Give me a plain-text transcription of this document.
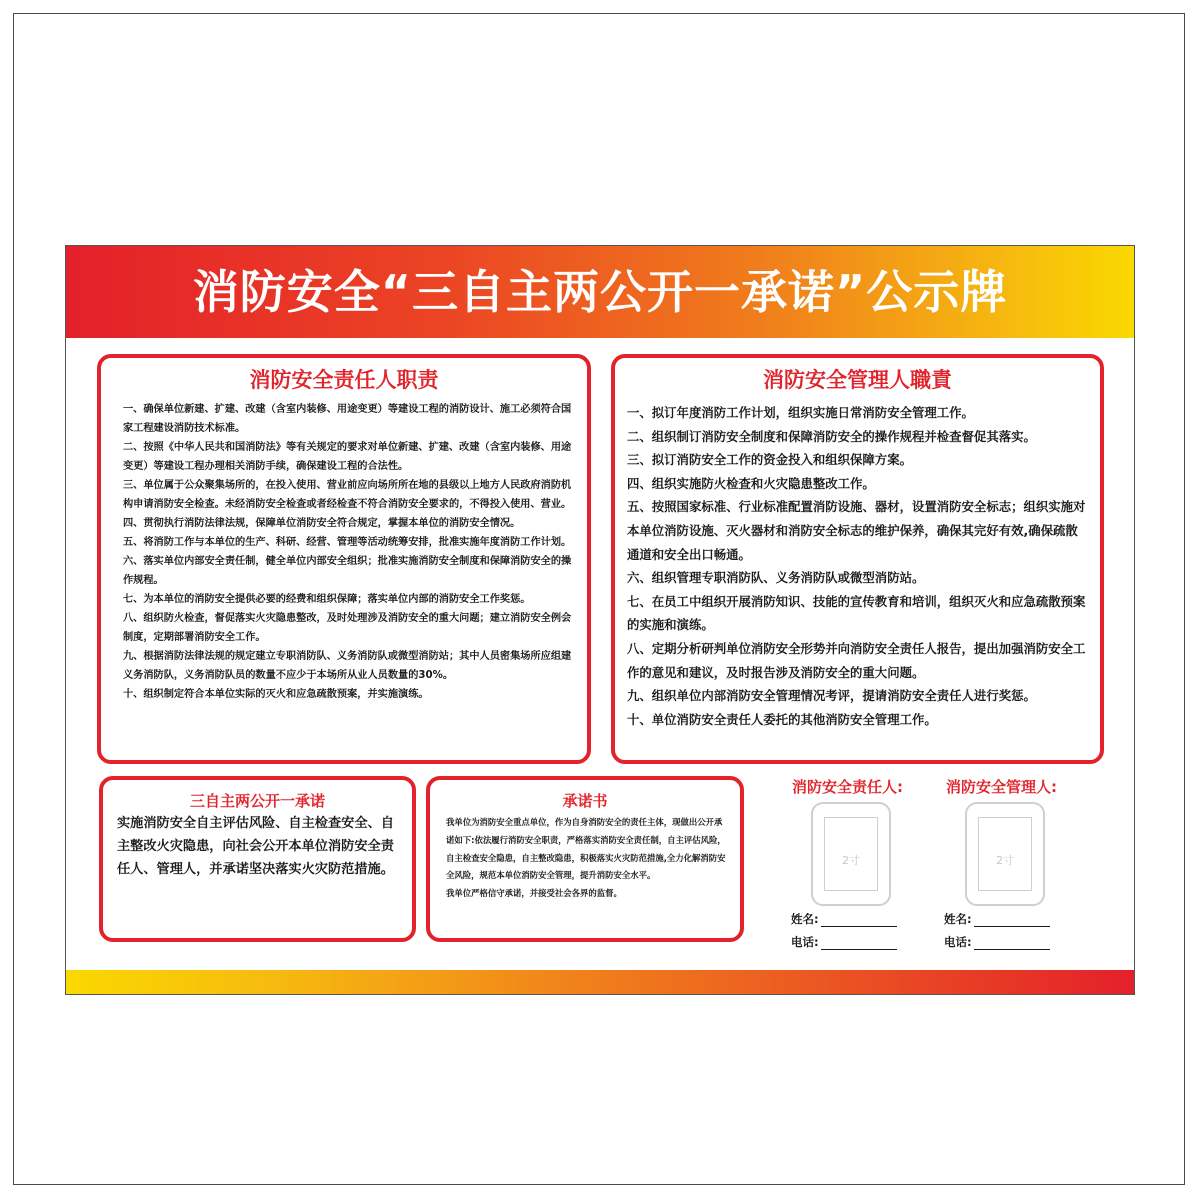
消防安全“三自主两公开一承诺”公示牌
消防安全责任人职责
一、确保单位新建、扩建、改建（含室内装修、用途变更）等建设工程的消防设计、施工必须符合国家工程建设消防技术标准。
二、按照《中华人民共和国消防法》等有关规定的要求对单位新建、扩建、改建（含室内装修、用途变更）等建设工程办理相关消防手续，确保建设工程的合法性。
三、单位属于公众聚集场所的，在投入使用、营业前应向场所所在地的县级以上地方人民政府消防机构申请消防安全检查。未经消防安全检查或者经检查不符合消防安全要求的，不得投入使用、营业。
四、贯彻执行消防法律法规，保障单位消防安全符合规定，掌握本单位的消防安全情况。
五、将消防工作与本单位的生产、科研、经营、管理等活动统筹安排，批准实施年度消防工作计划。
六、落实单位内部安全责任制，健全单位内部安全组织；批准实施消防安全制度和保障消防安全的操作规程。
七、为本单位的消防安全提供必要的经费和组织保障；落实单位内部的消防安全工作奖惩。
八、组织防火检查，督促落实火灾隐患整改，及时处理涉及消防安全的重大问题；建立消防安全例会制度，定期部署消防安全工作。
九、根据消防法律法规的规定建立专职消防队、义务消防队或微型消防站；其中人员密集场所应组建义务消防队，义务消防队员的数量不应少于本场所从业人员数量的30%。
十、组织制定符合本单位实际的灭火和应急疏散预案，并实施演练。
消防安全管理人職責
一、拟订年度消防工作计划，组织实施日常消防安全管理工作。
二、组织制订消防安全制度和保障消防安全的操作规程并检查督促其落实。
三、拟订消防安全工作的资金投入和组织保障方案。
四、组织实施防火检查和火灾隐患整改工作。
五、按照国家标准、行业标准配置消防设施、器材，设置消防安全标志；组织实施对本单位消防设施、灭火器材和消防安全标志的维护保养，确保其完好有效,确保疏散通道和安全出口畅通。
六、组织管理专职消防队、义务消防队或微型消防站。
七、在员工中组织开展消防知识、技能的宣传教育和培训，组织灭火和应急疏散预案的实施和演练。
八、定期分析研判单位消防安全形势并向消防安全责任人报告，提出加强消防安全工作的意见和建议，及时报告涉及消防安全的重大问题。
九、组织单位内部消防安全管理情况考评，提请消防安全责任人进行奖惩。
十、单位消防安全责任人委托的其他消防安全管理工作。
三自主两公开一承诺
实施消防安全自主评估风险、自主检查安全、自主整改火灾隐患，向社会公开本单位消防安全责任人、管理人，并承诺坚决落实火灾防范措施。
承诺书

我单位为消防安全重点单位，作为自身消防安全的责任主体，现做出公开承诺如下:依法履行消防安全职责，严格落实消防安全责任制，自主评估风险，自主检查安全隐患，自主整改隐患，积极落实火灾防范措施,全力化解消防安全风险，规范本单位消防安全管理，提升消防安全水平。

我单位严格信守承诺，并接受社会各界的监督。

消防安全责任人:
2寸
姓名:
电话:
消防安全管理人:
2寸
姓名:
电话:
